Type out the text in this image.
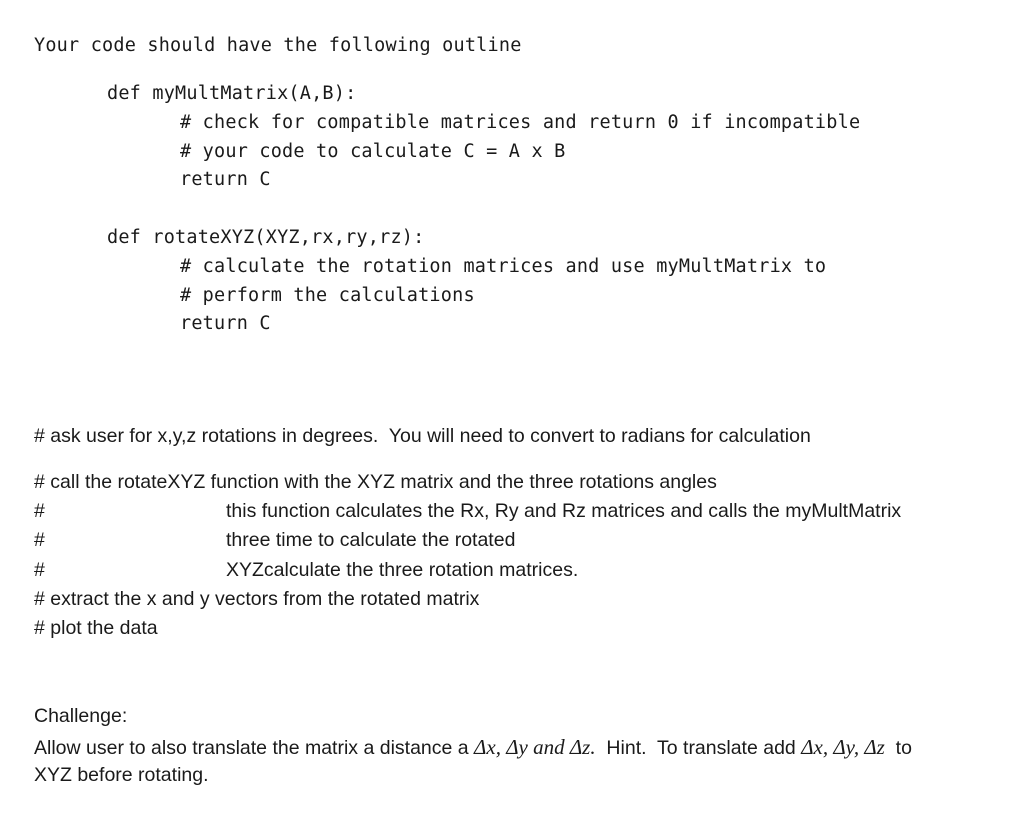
Your code should have the following outline
def myMultMatrix(A,B):
# check for compatible matrices and return 0 if incompatible
# your code to calculate C = A x B
return C
def rotateXYZ(XYZ,rx,ry,rz):
# calculate the rotation matrices and use myMultMatrix to
# perform the calculations
return C
# ask user for x,y,z rotations in degrees.  You will need to convert to radians for calculation
# call the rotateXYZ function with the XYZ matrix and the three rotations angles
#	this function calculates the Rx, Ry and Rz matrices and calls the myMultMatrix
#	three time to calculate the rotated
#	XYZcalculate the three rotation matrices.
# extract the x and y vectors from the rotated matrix
# plot the data
Challenge:
Allow user to also translate the matrix a distance a Δx, Δy and Δz.  Hint.  To translate add Δx, Δy, Δz  to
XYZ before rotating.
